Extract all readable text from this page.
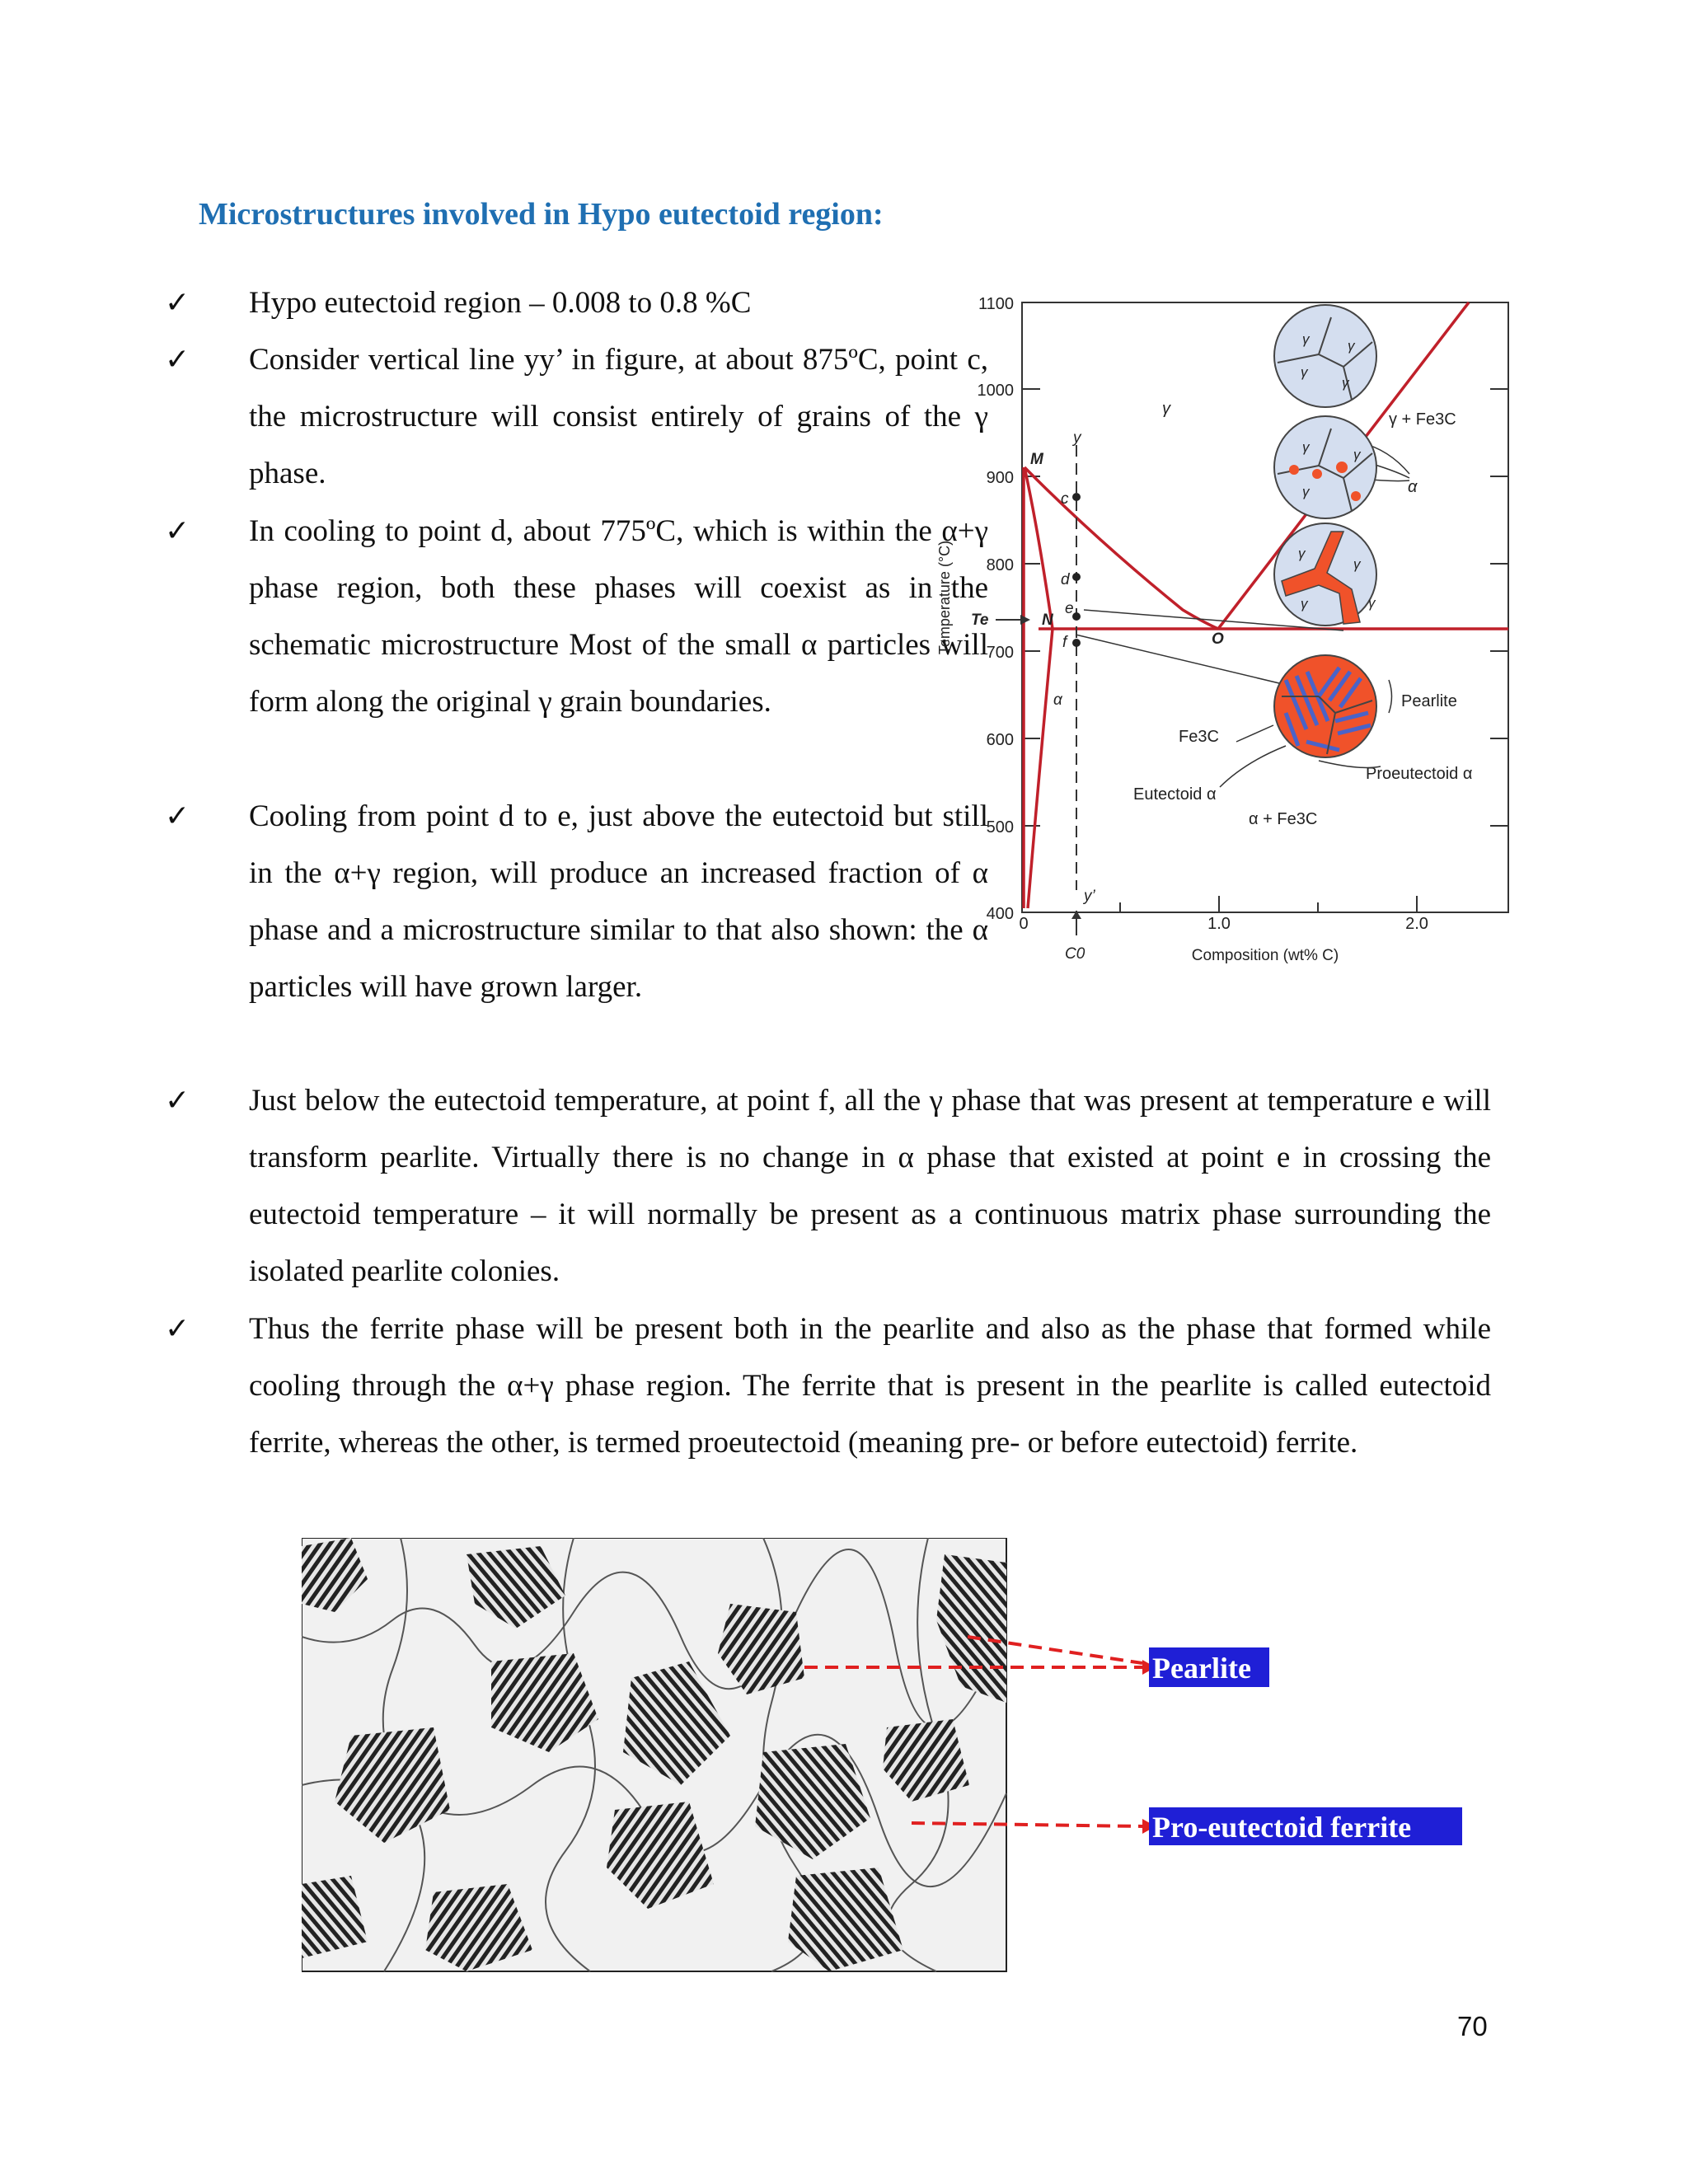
Microstructures involved in Hypo eutectoid region:
✓ Hypo eutectoid region – 0.008 to 0.8 %C
✓ Consider vertical line yy’ in figure, at about 875ºC, point c, the microstructure will consist entirely of grains of the γ phase.
✓ In cooling to point d, about 775ºC, which is within the α+γ phase region, both these phases will coexist as in the schematic microstructure Most of the small α particles will form along the original γ grain boundaries.
✓ Cooling from point d to e, just above the eutectoid but still in the α+γ region, will produce an increased fraction of α phase and a microstructure similar to that also shown: the α particles will have grown larger.
✓ Just below the eutectoid temperature, at point f, all the γ phase that was present at temperature e will transform pearlite. Virtually there is no change in α phase that existed at point e in crossing the eutectoid temperature – it will normally be present as a continuous matrix phase surrounding the isolated pearlite colonies.
✓ Thus the ferrite phase will be present both in the pearlite and also as the phase that formed while cooling through the α+γ phase region. The ferrite that is present in the pearlite is called eutectoid ferrite, whereas the other, is termed proeutectoid (meaning pre- or before eutectoid) ferrite.
1100
1000
900
800
700
600
500
400
0	1.0	2.0
Composition (wt% C)
Temperature (°C)
y
c
d
e
f
y’
M
N
O
Te
C0
α
γ
γ + Fe3C
α + Fe3C
Pearlite
Fe3C
Proeutectoid α
Eutectoid α
α
γ	γ
γ
γ
γ	γ
γ
γ
γ
γ	γ
Pearlite
Pro-eutectoid ferrite
70
